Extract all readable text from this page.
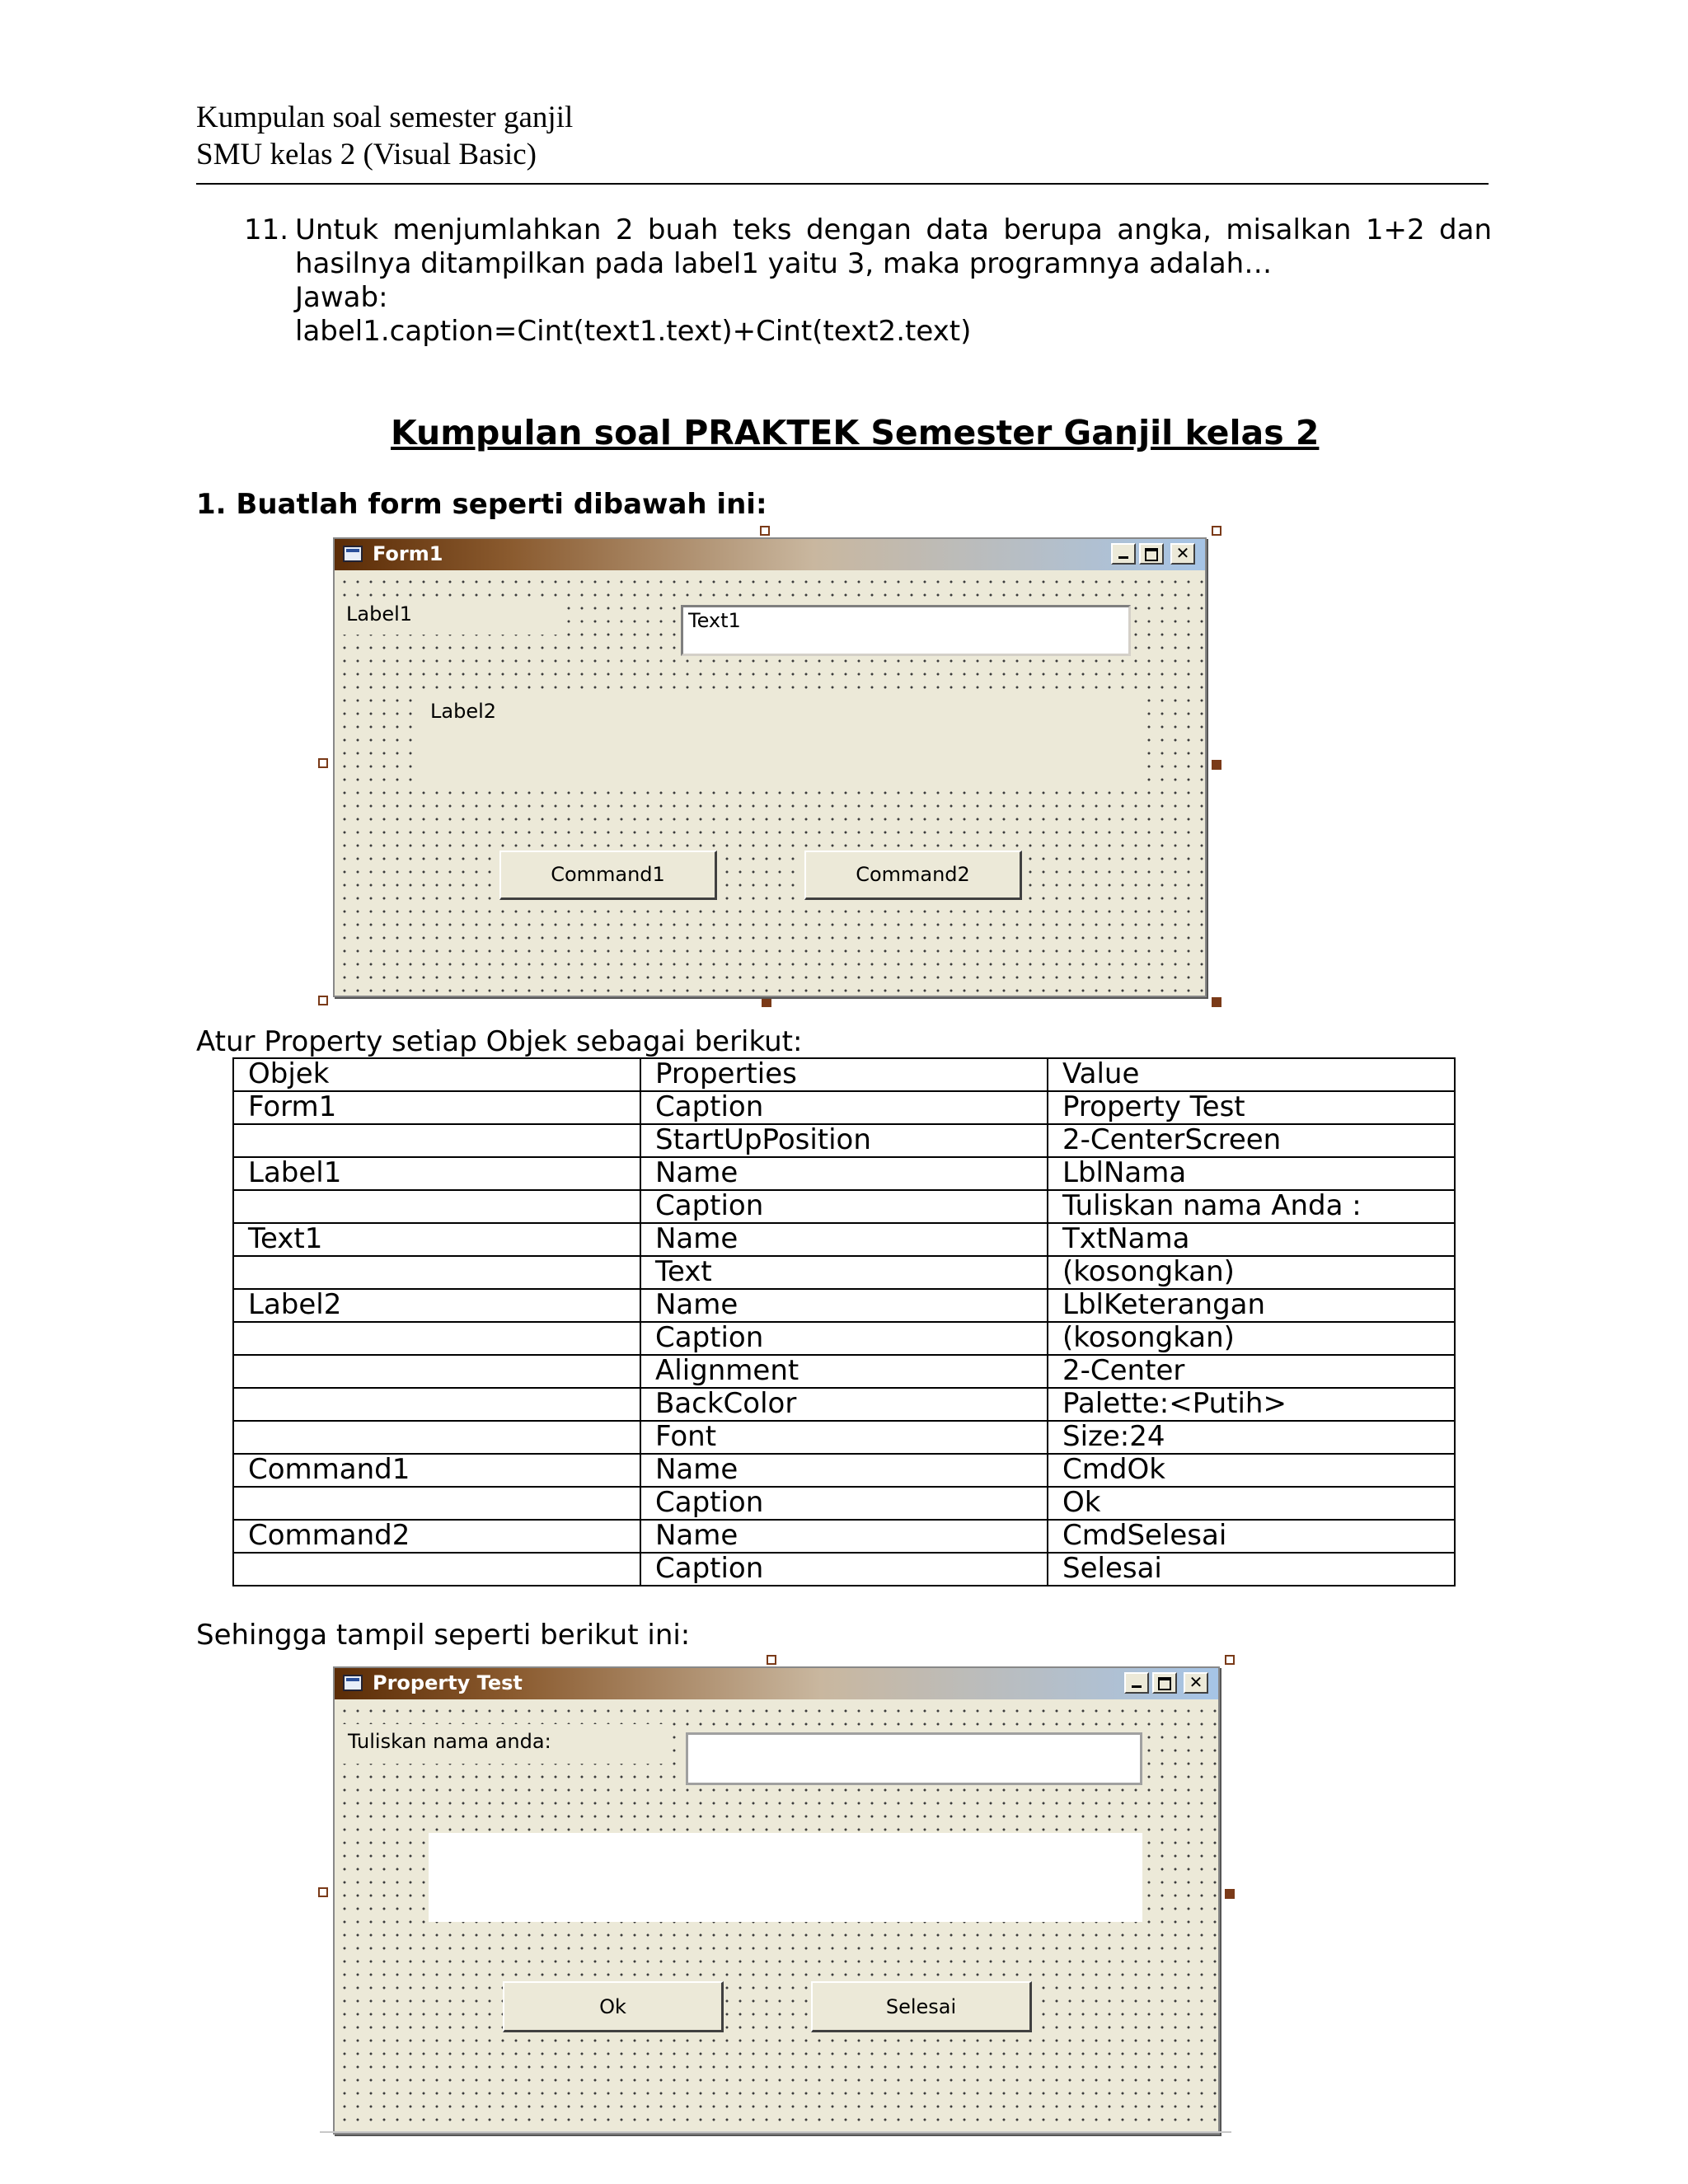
Kumpulan soal semester ganjil
SMU kelas 2 (Visual Basic)
11. Untuk menjumlahkan 2 buah teks dengan data berupa angka, misalkan 1+2 dan
hasilnya ditampilkan pada label1 yaitu 3, maka programnya adalah…
Jawab:
label1.caption=Cint(text1.text)+Cint(text2.text)
Kumpulan soal PRAKTEK Semester Ganjil kelas 2
1. Buatlah form seperti dibawah ini:
Form1	✕
Label1	Text1
Label2
Command1	Command2
Atur Property setiap Objek sebagai berikut:
Objek	Properties	Value
Form1	Caption	Property Test
	StartUpPosition	2-CenterScreen
Label1	Name	LblNama
	Caption	Tuliskan nama Anda :
Text1	Name	TxtNama
	Text	(kosongkan)
Label2	Name	LblKeterangan
	Caption	(kosongkan)
	Alignment	2-Center
	BackColor	Palette:<Putih>
	Font	Size:24
Command1	Name	CmdOk
	Caption	Ok
Command2	Name	CmdSelesai
	Caption	Selesai
Sehingga tampil seperti berikut ini:
Property Test	✕
Tuliskan nama anda:
Ok	Selesai
